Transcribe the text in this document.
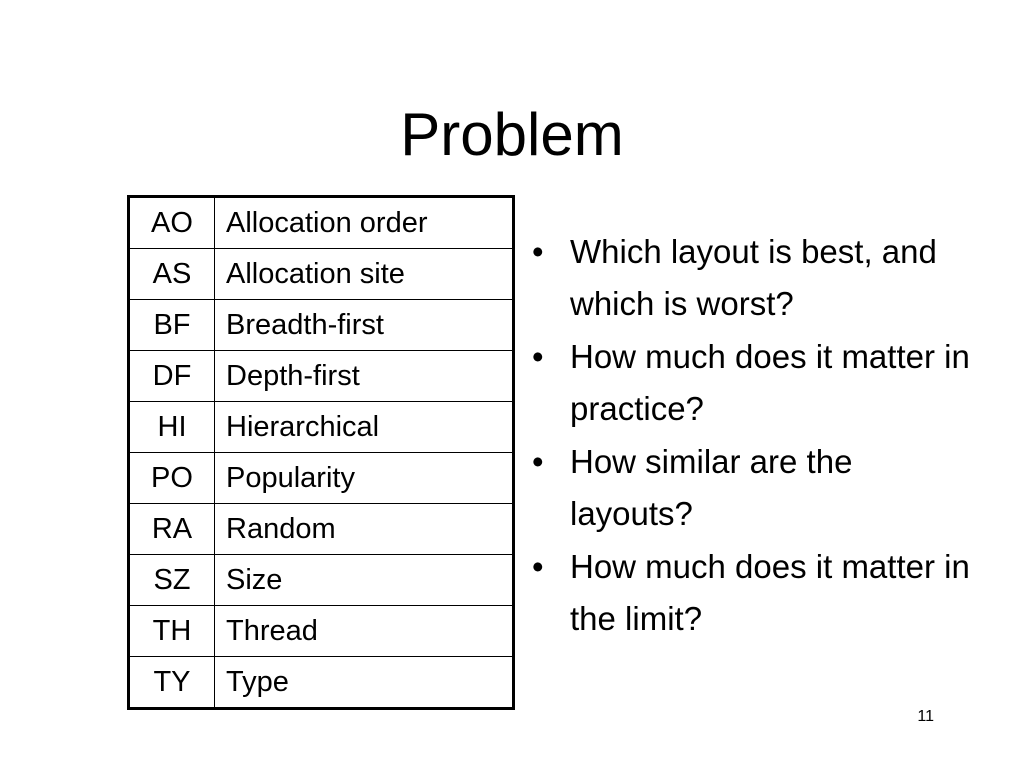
Problem
AO	Allocation order
AS	Allocation site
BF	Breadth-first
DF	Depth-first
HI	Hierarchical
PO	Popularity
RA	Random
SZ	Size
TH	Thread
TY	Type
• Which layout is best, and which is worst?
• How much does it matter in practice?
• How similar are the layouts?
• How much does it matter in the limit?
11
